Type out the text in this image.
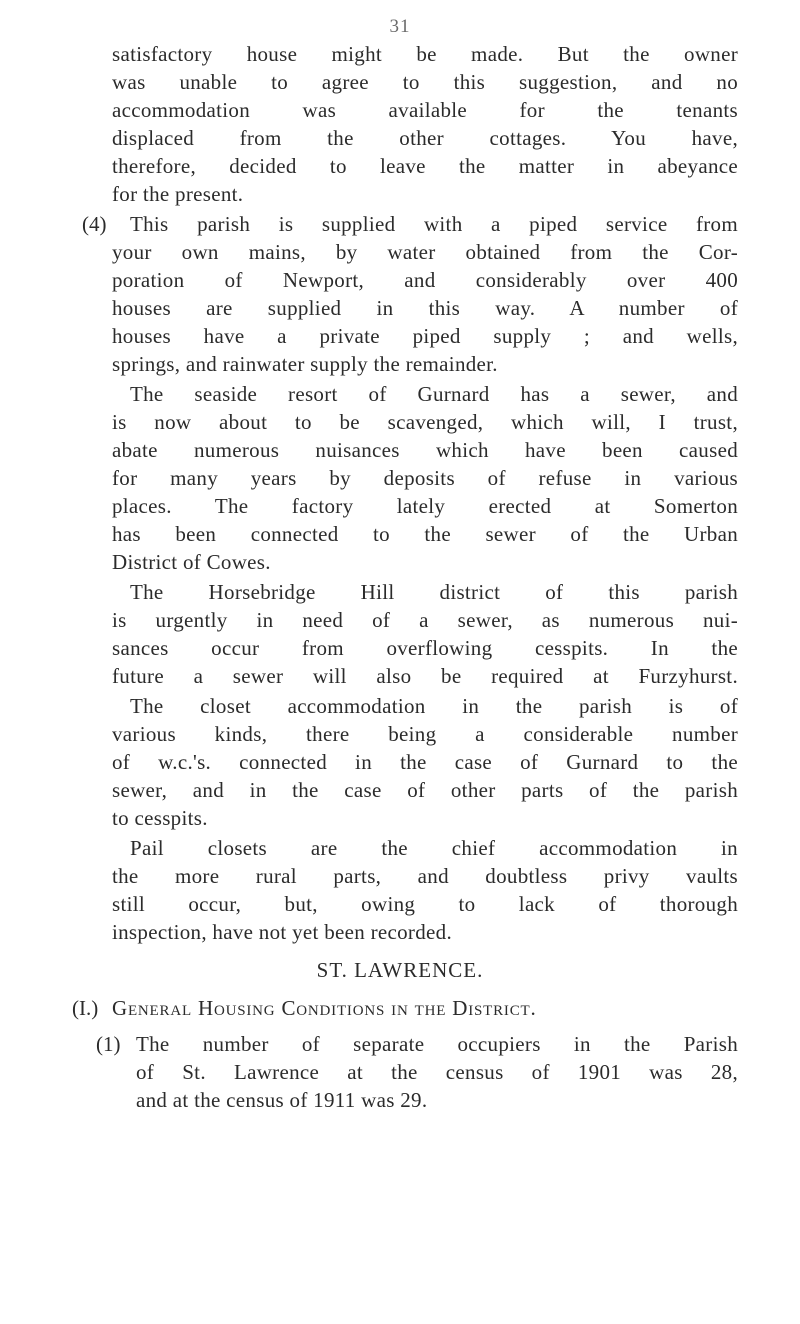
31
satisfactory house might be made. But the owner
was unable to agree to this suggestion, and no
accommodation was available for the tenants
displaced from the other cottages. You have,
therefore, decided to leave the matter in abeyance
for the present.
(4) This parish is supplied with a piped service from
your own mains, by water obtained from the Cor-
poration of Newport, and considerably over 400
houses are supplied in this way. A number of
houses have a private piped supply ; and wells,
springs, and rainwater supply the remainder.
The seaside resort of Gurnard has a sewer, and
is now about to be scavenged, which will, I trust,
abate numerous nuisances which have been caused
for many years by deposits of refuse in various
places. The factory lately erected at Somerton
has been connected to the sewer of the Urban
District of Cowes.
The Horsebridge Hill district of this parish
is urgently in need of a sewer, as numerous nui-
sances occur from overflowing cesspits. In the
future a sewer will also be required at Furzyhurst.
The closet accommodation in the parish is of
various kinds, there being a considerable number
of w.c.'s. connected in the case of Gurnard to the
sewer, and in the case of other parts of the parish
to cesspits.
Pail closets are the chief accommodation in
the more rural parts, and doubtless privy vaults
still occur, but, owing to lack of thorough
inspection, have not yet been recorded.
ST. LAWRENCE.
(I.) General Housing Conditions in the District.
(1) The number of separate occupiers in the Parish
of St. Lawrence at the census of 1901 was 28,
and at the census of 1911 was 29.
